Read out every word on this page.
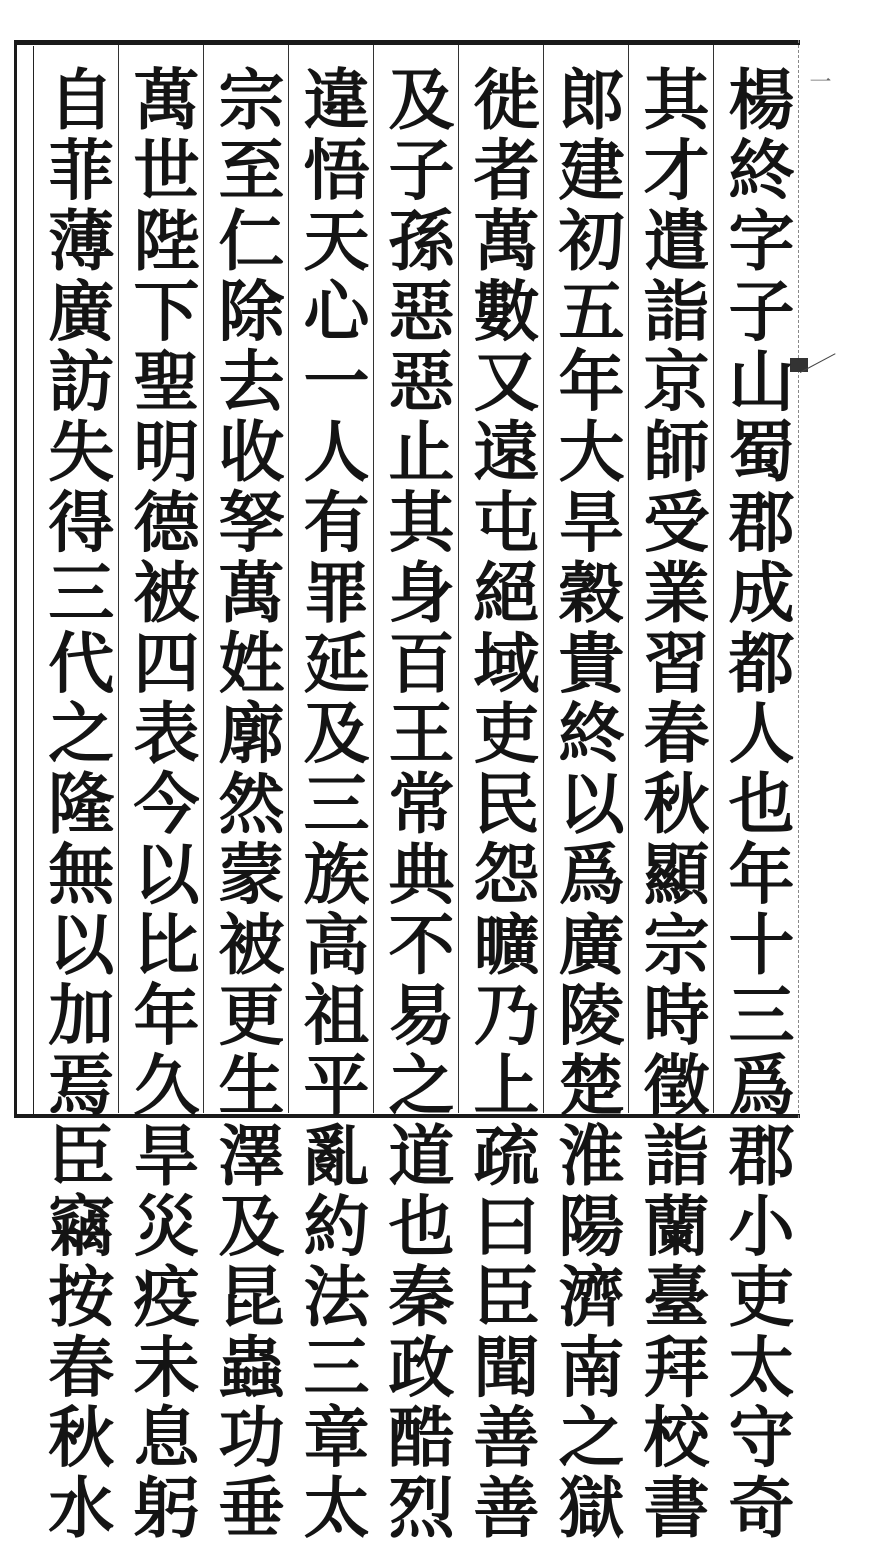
一
楊終字子山蜀郡成都人也年十三爲郡小吏太守奇
其才遣詣京師受業習春秋顯宗時徵詣蘭臺拜校書
郎建初五年大旱穀貴終以爲廣陵楚淮陽濟南之獄
徙者萬數又遠屯絕域吏民怨曠乃上疏曰臣聞善善
及子孫惡惡止其身百王常典不易之道也秦政酷烈
違悟天心一人有罪延及三族高祖平亂約法三章太
宗至仁除去收孥萬姓廓然蒙被更生澤及昆蟲功垂
萬世陛下聖明德被四表今以比年久旱災疫未息躬
自菲薄廣訪失得三代之隆無以加焉臣竊按春秋水
